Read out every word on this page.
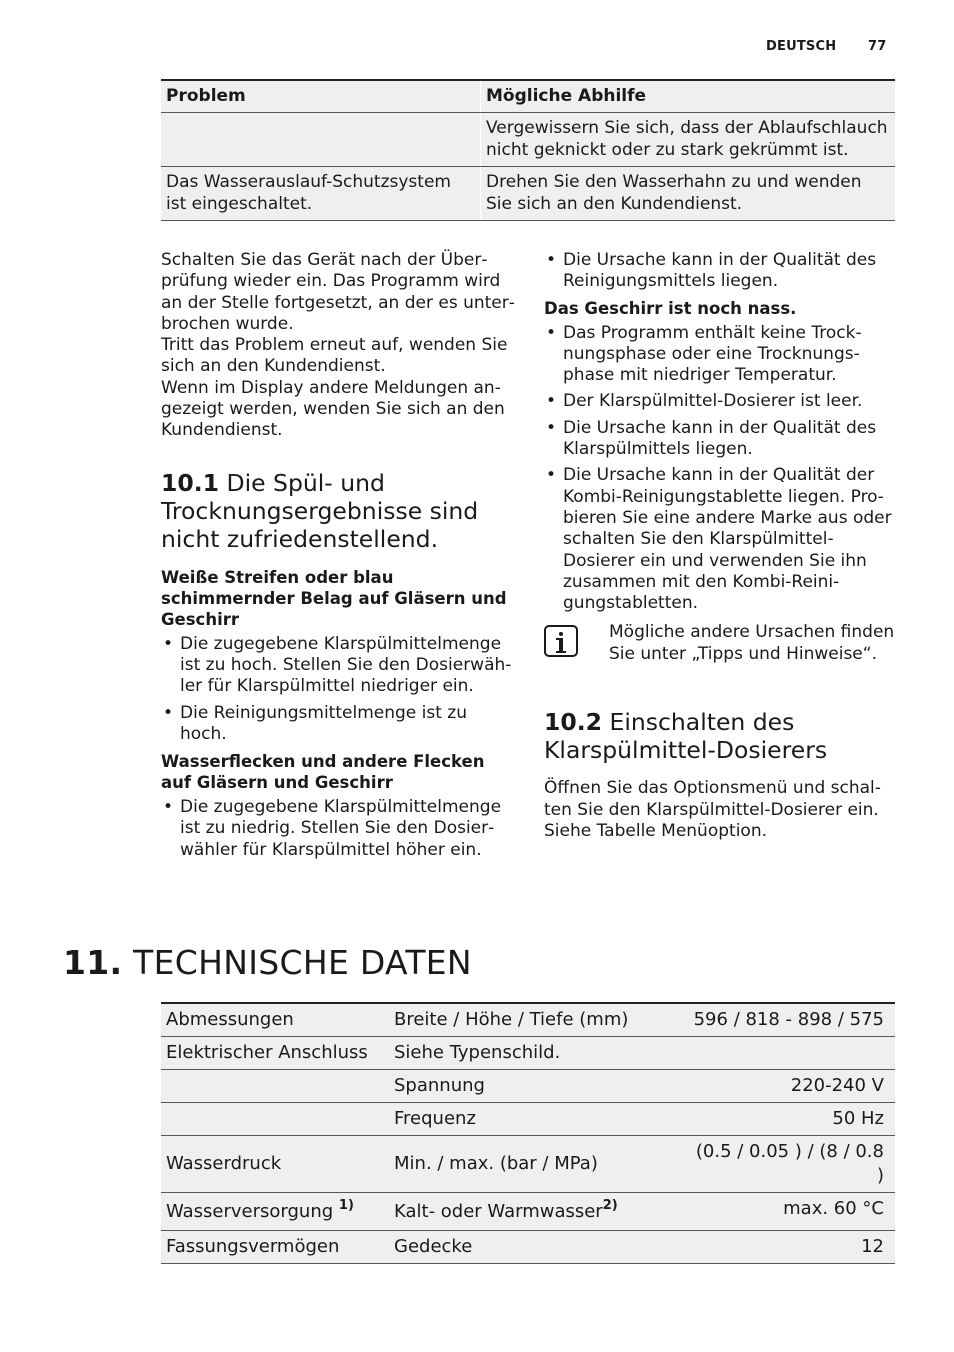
DEUTSCH 77
Problem	Mögliche Abhilfe
	Vergewissern Sie sich, dass der Ablaufschlauch nicht geknickt oder zu stark gekrümmt ist.
Das Wasserauslauf-Schutzsystem ist eingeschaltet.	Drehen Sie den Wasserhahn zu und wenden Sie sich an den Kundendienst.

Schalten Sie das Gerät nach der Überprüfung wieder ein. Das Programm wird an der Stelle fortgesetzt, an der es unterbrochen wurde.

Tritt das Problem erneut auf, wenden Sie sich an den Kundendienst.

Wenn im Display andere Meldungen angezeigt werden, wenden Sie sich an den Kundendienst.

10.1 Die Spül- und Trocknungsergebnisse sind nicht zufriedenstellend.
Weiße Streifen oder blau schimmernder Belag auf Gläsern und Geschirr
• Die zugegebene Klarspülmittelmenge ist zu hoch. Stellen Sie den Dosierwähler für Klarspülmittel niedriger ein.
• Die Reinigungsmittelmenge ist zu hoch.
Wasserflecken und andere Flecken auf Gläsern und Geschirr
• Die zugegebene Klarspülmittelmenge ist zu niedrig. Stellen Sie den Dosierwähler für Klarspülmittel höher ein.
• Die Ursache kann in der Qualität des Reinigungsmittels liegen.
Das Geschirr ist noch nass.
• Das Programm enthält keine Trocknungsphase oder eine Trocknungsphase mit niedriger Temperatur.
• Der Klarspülmittel-Dosierer ist leer.
• Die Ursache kann in der Qualität des Klarspülmittels liegen.
• Die Ursache kann in der Qualität der Kombi-Reinigungstablette liegen. Probieren Sie eine andere Marke aus oder schalten Sie den Klarspülmittel-Dosierer ein und verwenden Sie ihn zusammen mit den Kombi-Reinigungstabletten.

Mögliche andere Ursachen finden Sie unter „Tipps und Hinweise“.

10.2 Einschalten des Klarspülmittel-Dosierers

Öffnen Sie das Optionsmenü und schalten Sie den Klarspülmittel-Dosierer ein. Siehe Tabelle Menüoption.

11. TECHNISCHE DATEN
Abmessungen	Breite / Höhe / Tiefe (mm)	596 / 818 - 898 / 575
Elektrischer Anschluss	Siehe Typenschild.	
	Spannung	220-240 V
	Frequenz	50 Hz
Wasserdruck	Min. / max. (bar / MPa)	(0.5 / 0.05 ) / (8 / 0.8 )
Wasserversorgung $^{1)}$	Kalt- oder Warmwasser$^{2)}$	max. 60 °C
Fassungsvermögen	Gedecke	12
